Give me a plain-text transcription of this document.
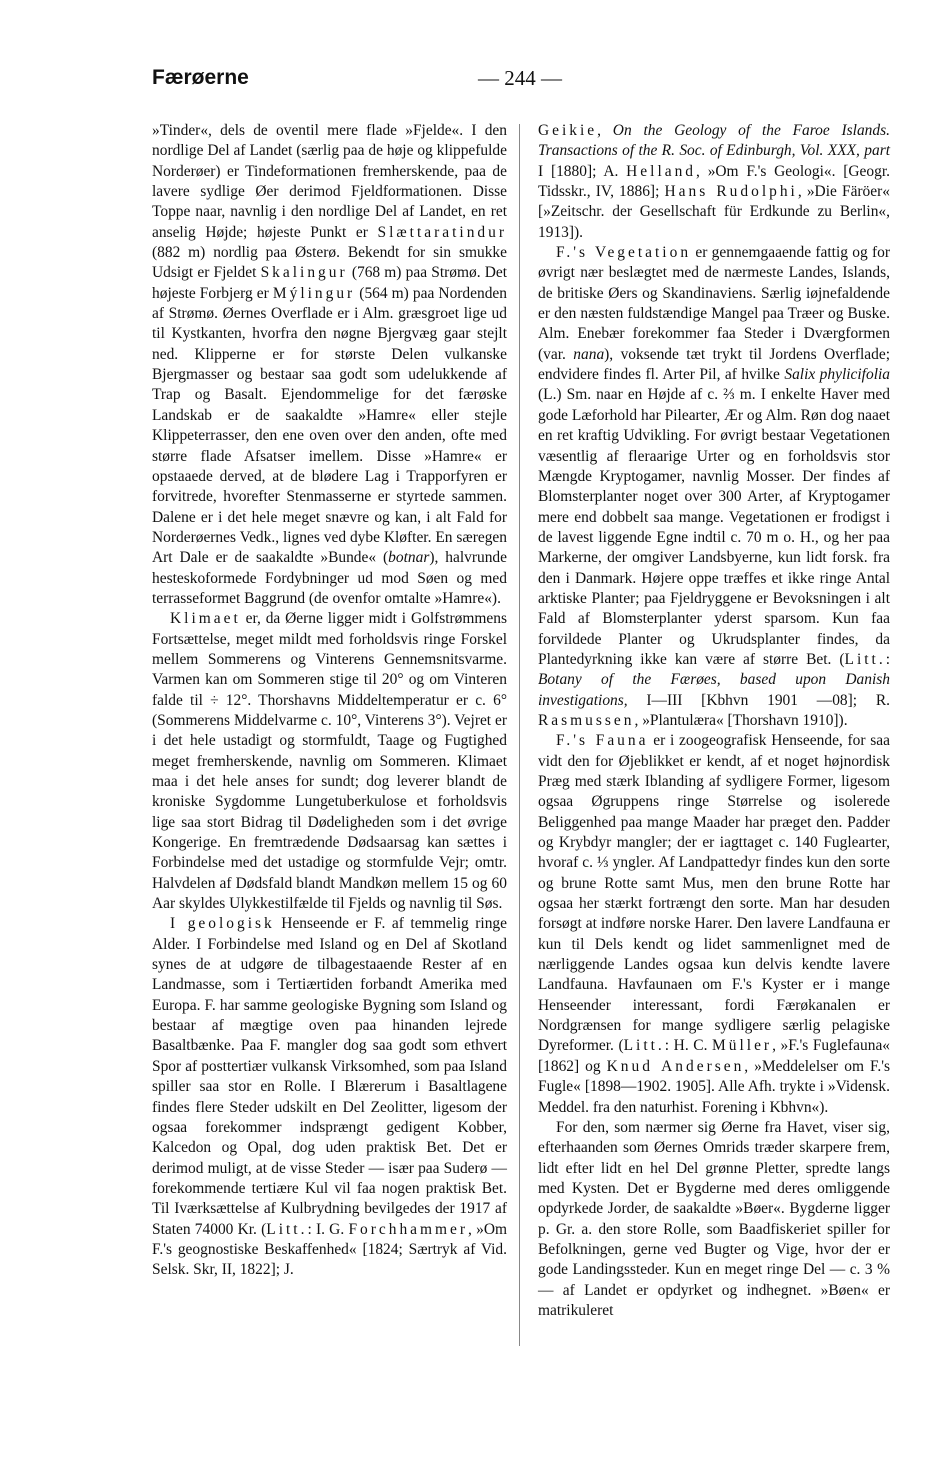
Færøerne	— 244 —

»Tinder«, dels de oventil mere flade »Fjelde«. I den nordlige Del af Landet (særlig paa de høje og klippefulde Norderøer) er Tindeformationen fremherskende, paa de lavere sydlige Øer derimod Fjeldformationen. Disse Toppe naar, navnlig i den nordlige Del af Landet, en ret anselig Højde; højeste Punkt er Slættaratindur (882 m) nordlig paa Østerø. Bekendt for sin smukke Udsigt er Fjeldet Skalingur (768 m) paa Strømø. Det højeste Forbjerg er Mýlingur (564 m) paa Nordenden af Strømø. Øernes Overflade er i Alm. græsgroet lige ud til Kystkanten, hvorfra den nøgne Bjergvæg gaar stejlt ned. Klipperne er for største Delen vulkanske Bjergmasser og bestaar saa godt som udelukkende af Trap og Basalt. Ejendommelige for det færøske Landskab er de saakaldte »Hamre« eller stejle Klippeterrasser, den ene oven over den anden, ofte med større flade Afsatser imellem. Disse »Hamre« er opstaaede derved, at de blødere Lag i Trapporfyren er forvitrede, hvorefter Stenmasserne er styrtede sammen. Dalene er i det hele meget snævre og kan, i alt Fald for Norderøernes Vedk., lignes ved dybe Kløfter. En særegen Art Dale er de saakaldte »Bunde« (botnar), halvrunde hesteskoformede Fordybninger ud mod Søen og med terrasseformet Baggrund (de ovenfor omtalte »Hamre«).

Klimaet er, da Øerne ligger midt i Golfstrømmens Fortsættelse, meget mildt med forholdsvis ringe Forskel mellem Sommerens og Vinterens Gennemsnitsvarme. Varmen kan om Sommeren stige til 20° og om Vinteren falde til ÷ 12°. Thorshavns Middeltemperatur er c. 6° (Sommerens Middelvarme c. 10°, Vinterens 3°). Vejret er i det hele ustadigt og stormfuldt, Taage og Fugtighed meget fremherskende, navnlig om Sommeren. Klimaet maa i det hele anses for sundt; dog leverer blandt de kroniske Sygdomme Lungetuberkulose et forholdsvis lige saa stort Bidrag til Dødeligheden som i det øvrige Kongerige. En fremtrædende Dødsaarsag kan sættes i Forbindelse med det ustadige og stormfulde Vejr; omtr. Halvdelen af Dødsfald blandt Mandkøn mellem 15 og 60 Aar skyldes Ulykkestilfælde til Fjelds og navnlig til Søs.

I geologisk Henseende er F. af temmelig ringe Alder. I Forbindelse med Island og en Del af Skotland synes de at udgøre de tilbagestaaende Rester af en Landmasse, som i Tertiærtiden forbandt Amerika med Europa. F. har samme geologiske Bygning som Island og bestaar af mægtige oven paa hinanden lejrede Basaltbænke. Paa F. mangler dog saa godt som ethvert Spor af posttertiær vulkansk Virksomhed, som paa Island spiller saa stor en Rolle. I Blærerum i Basaltlagene findes flere Steder udskilt en Del Zeolitter, ligesom der ogsaa forekommer indsprængt gedigent Kobber, Kalcedon og Opal, dog uden praktisk Bet. Det er derimod muligt, at de visse Steder — især paa Suderø — forekommende tertiære Kul vil faa nogen praktisk Bet. Til Iværksættelse af Kulbrydning bevilgedes der 1917 af Staten 74000 Kr. (Litt.: I. G. Forchhammer, »Om F.'s geognostiske Beskaffenhed« [1824; Særtryk af Vid. Selsk. Skr, II, 1822]; J.

Geikie, On the Geology of the Faroe Islands. Transactions of the R. Soc. of Edinburgh, Vol. XXX, part I [1880]; A. Helland, »Om F.'s Geologi«. [Geogr. Tidsskr., IV, 1886]; Hans Rudolphi, »Die Färöer« [»Zeitschr. der Gesellschaft für Erdkunde zu Berlin«, 1913]).

F.'s Vegetation er gennemgaaende fattig og for øvrigt nær beslægtet med de nærmeste Landes, Islands, de britiske Øers og Skandinaviens. Særlig iøjnefaldende er den næsten fuldstændige Mangel paa Træer og Buske. Alm. Enebær forekommer faa Steder i Dværgformen (var. nana), voksende tæt trykt til Jordens Overflade; endvidere findes fl. Arter Pil, af hvilke Salix phylicifolia (L.) Sm. naar en Højde af c. ⅔ m. I enkelte Haver med gode Læforhold har Pilearter, Ær og Alm. Røn dog naaet en ret kraftig Udvikling. For øvrigt bestaar Vegetationen væsentlig af fleraarige Urter og en forholdsvis stor Mængde Kryptogamer, navnlig Mosser. Der findes af Blomsterplanter noget over 300 Arter, af Kryptogamer mere end dobbelt saa mange. Vegetationen er frodigst i de lavest liggende Egne indtil c. 70 m o. H., og her paa Markerne, der omgiver Landsbyerne, kun lidt forsk. fra den i Danmark. Højere oppe træffes et ikke ringe Antal arktiske Planter; paa Fjeldryggene er Bevoksningen i alt Fald af Blomsterplanter yderst sparsom. Kun faa forvildede Planter og Ukrudsplanter findes, da Plantedyrkning ikke kan være af større Bet. (Litt.: Botany of the Færøes, based upon Danish investigations, I—III [Kbhvn 1901 —08]; R. Rasmussen, »Plantulæra« [Thorshavn 1910]).

F.'s Fauna er i zoogeografisk Henseende, for saa vidt den for Øjeblikket er kendt, af et noget højnordisk Præg med stærk Iblanding af sydligere Former, ligesom ogsaa Øgruppens ringe Størrelse og isolerede Beliggenhed paa mange Maader har præget den. Padder og Krybdyr mangler; der er iagttaget c. 140 Fuglearter, hvoraf c. ⅓ yngler. Af Landpattedyr findes kun den sorte og brune Rotte samt Mus, men den brune Rotte har ogsaa her stærkt fortrængt den sorte. Man har desuden forsøgt at indføre norske Harer. Den lavere Landfauna er kun til Dels kendt og lidet sammenlignet med de nærliggende Landes ogsaa kun delvis kendte lavere Landfauna. Havfaunaen om F.'s Kyster er i mange Henseender interessant, fordi Færøkanalen er Nordgrænsen for mange sydligere særlig pelagiske Dyreformer. (Litt.: H. C. Müller, »F.'s Fuglefauna« [1862] og Knud Andersen, »Meddelelser om F.'s Fugle« [1898—1902. 1905]. Alle Afh. trykte i »Vidensk. Meddel. fra den naturhist. Forening i Kbhvn«).

For den, som nærmer sig Øerne fra Havet, viser sig, efterhaanden som Øernes Omrids træder skarpere frem, lidt efter lidt en hel Del grønne Pletter, spredte langs med Kysten. Det er Bygderne med deres omliggende opdyrkede Jorder, de saakaldte »Bøer«. Bygderne ligger p. Gr. a. den store Rolle, som Baadfiskeriet spiller for Befolkningen, gerne ved Bugter og Vige, hvor der er gode Landingssteder. Kun en meget ringe Del — c. 3 % — af Landet er opdyrket og indhegnet. »Bøen« er matrikuleret
